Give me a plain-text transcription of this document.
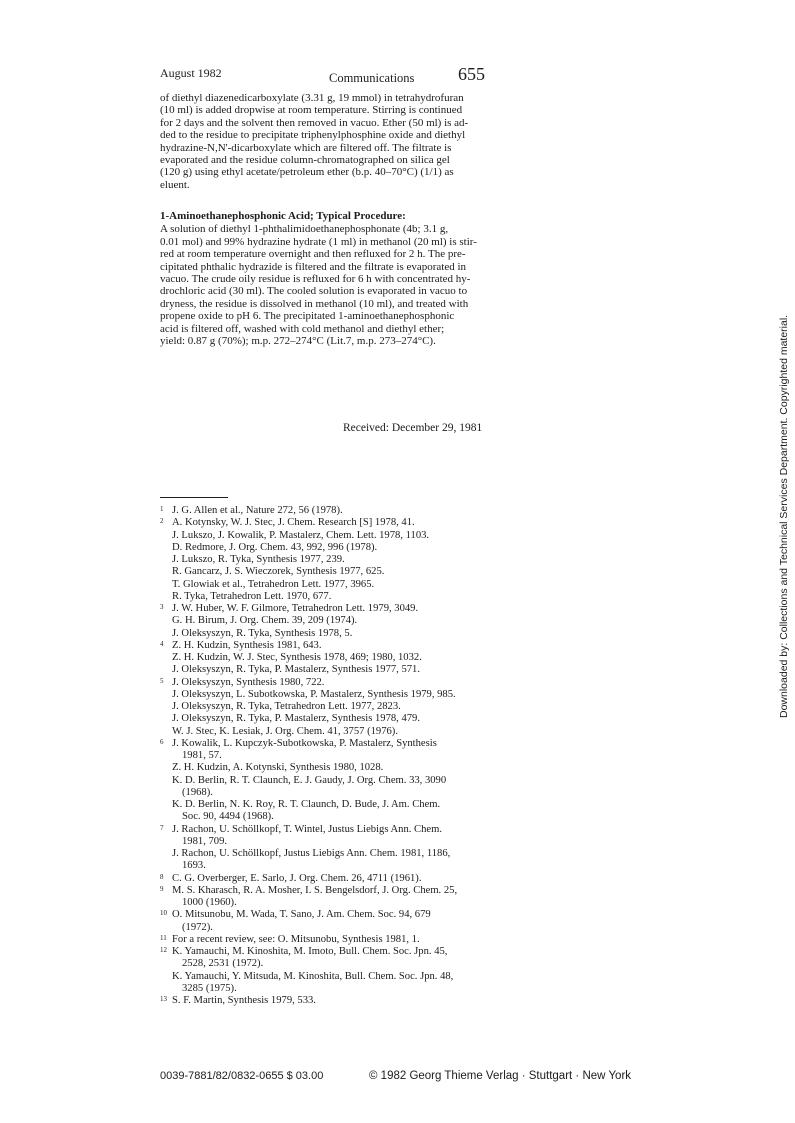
August 1982	Communications 655
of diethyl diazenedicarboxylate (3.31 g, 19 mmol) in tetrahydrofuran
(10 ml) is added dropwise at room temperature. Stirring is continued
for 2 days and the solvent then removed in vacuo. Ether (50 ml) is ad-
ded to the residue to precipitate triphenylphosphine oxide and diethyl
hydrazine-N,N'-dicarboxylate which are filtered off. The filtrate is
evaporated and the residue column-chromatographed on silica gel
(120 g) using ethyl acetate/petroleum ether (b.p. 40–70°C) (1/1) as
eluent.
1-Aminoethanephosphonic Acid; Typical Procedure:
A solution of diethyl 1-phthalimidoethanephosphonate (4b; 3.1 g,
0.01 mol) and 99% hydrazine hydrate (1 ml) in methanol (20 ml) is stir-
red at room temperature overnight and then refluxed for 2 h. The pre-
cipitated phthalic hydrazide is filtered and the filtrate is evaporated in
vacuo. The crude oily residue is refluxed for 6 h with concentrated hy-
drochloric acid (30 ml). The cooled solution is evaporated in vacuo to
dryness, the residue is dissolved in methanol (10 ml), and treated with
propene oxide to pH 6. The precipitated 1-aminoethanephosphonic
acid is filtered off, washed with cold methanol and diethyl ether;
yield: 0.87 g (70%); m.p. 272–274°C (Lit.7, m.p. 273–274°C).
Received: December 29, 1981
1 J. G. Allen et al., Nature 272, 56 (1978).
2 A. Kotynsky, W. J. Stec, J. Chem. Research [S] 1978, 41.
J. Lukszo, J. Kowalik, P. Mastalerz, Chem. Lett. 1978, 1103.
D. Redmore, J. Org. Chem. 43, 992, 996 (1978).
J. Lukszo, R. Tyka, Synthesis 1977, 239.
R. Gancarz, J. S. Wieczorek, Synthesis 1977, 625.
T. Glowiak et al., Tetrahedron Lett. 1977, 3965.
R. Tyka, Tetrahedron Lett. 1970, 677.
3 J. W. Huber, W. F. Gilmore, Tetrahedron Lett. 1979, 3049.
G. H. Birum, J. Org. Chem. 39, 209 (1974).
J. Oleksyszyn, R. Tyka, Synthesis 1978, 5.
4 Z. H. Kudzin, Synthesis 1981, 643.
Z. H. Kudzin, W. J. Stec, Synthesis 1978, 469; 1980, 1032.
J. Oleksyszyn, R. Tyka, P. Mastalerz, Synthesis 1977, 571.
5 J. Oleksyszyn, Synthesis 1980, 722.
J. Oleksyszyn, L. Subotkowska, P. Mastalerz, Synthesis 1979, 985.
J. Oleksyszyn, R. Tyka, Tetrahedron Lett. 1977, 2823.
J. Oleksyszyn, R. Tyka, P. Mastalerz, Synthesis 1978, 479.
W. J. Stec, K. Lesiak, J. Org. Chem. 41, 3757 (1976).
6 J. Kowalik, L. Kupczyk-Subotkowska, P. Mastalerz, Synthesis
1981, 57.
Z. H. Kudzin, A. Kotynski, Synthesis 1980, 1028.
K. D. Berlin, R. T. Claunch, E. J. Gaudy, J. Org. Chem. 33, 3090
(1968).
K. D. Berlin, N. K. Roy, R. T. Claunch, D. Bude, J. Am. Chem.
Soc. 90, 4494 (1968).
7 J. Rachon, U. Schöllkopf, T. Wintel, Justus Liebigs Ann. Chem.
1981, 709.
J. Rachon, U. Schöllkopf, Justus Liebigs Ann. Chem. 1981, 1186,
1693.
8 C. G. Overberger, E. Sarlo, J. Org. Chem. 26, 4711 (1961).
9 M. S. Kharasch, R. A. Mosher, I. S. Bengelsdorf, J. Org. Chem. 25,
1000 (1960).
10 O. Mitsunobu, M. Wada, T. Sano, J. Am. Chem. Soc. 94, 679
(1972).
11 For a recent review, see: O. Mitsunobu, Synthesis 1981, 1.
12 K. Yamauchi, M. Kinoshita, M. Imoto, Bull. Chem. Soc. Jpn. 45,
2528, 2531 (1972).
K. Yamauchi, Y. Mitsuda, M. Kinoshita, Bull. Chem. Soc. Jpn. 48,
3285 (1975).
13 S. F. Martin, Synthesis 1979, 533.
0039-7881/82/0832-0655 $ 03.00	© 1982 Georg Thieme Verlag · Stuttgart · New York
Downloaded by: Collections and Technical Services Department. Copyrighted material.
